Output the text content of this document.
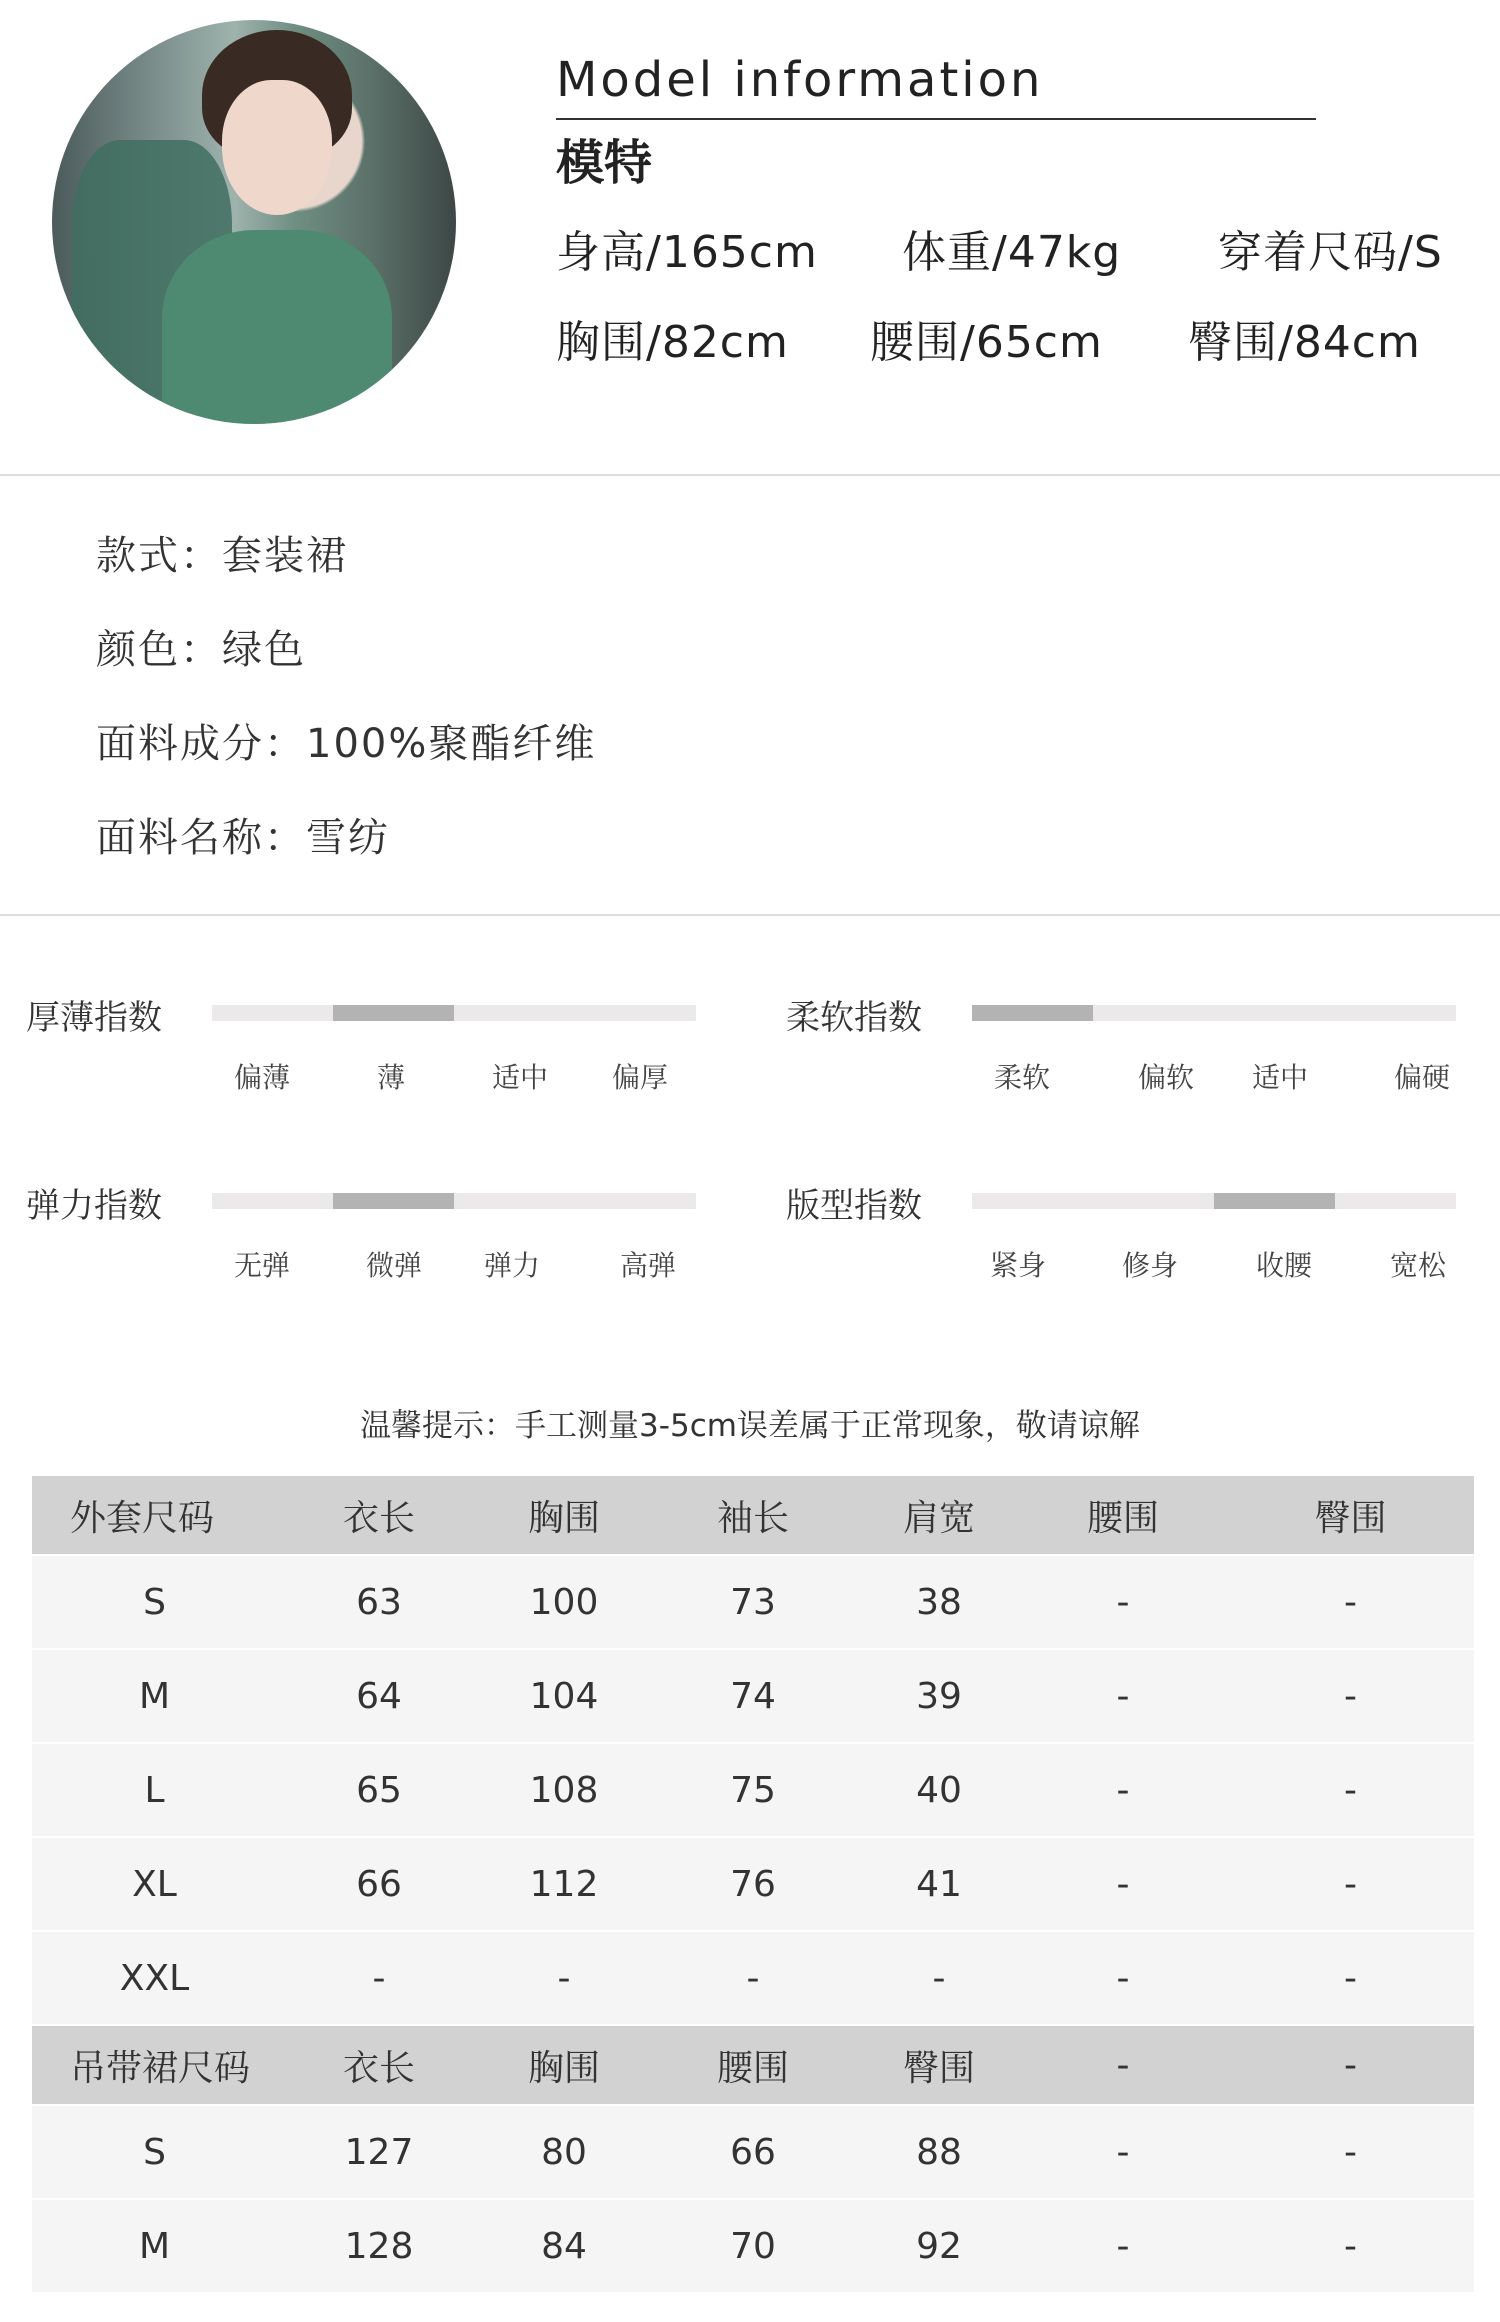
Model information
模特
身高/165cm 体重/47kg 穿着尺码/S
胸围/82cm 腰围/65cm 臀围/84cm
款式：套装裙
颜色：绿色
面料成分：100%聚酯纤维
面料名称：雪纺
厚薄指数
偏薄	薄	适中	偏厚
柔软指数
柔软	偏软	适中	偏硬
弹力指数
无弹	微弹	弹力	高弹
版型指数
紧身	修身	收腰	宽松
温馨提示：手工测量3-5cm误差属于正常现象，敬请谅解
外套尺码	衣长	胸围	袖长	肩宽	腰围	臀围
S	63	100	73	38	-	-
M	64	104	74	39	-	-
L	65	108	75	40	-	-
XL	66	112	76	41	-	-
XXL	-	-	-	-	-	-
吊带裙尺码	衣长	胸围	腰围	臀围	-	-
S	127	80	66	88	-	-
M	128	84	70	92	-	-
